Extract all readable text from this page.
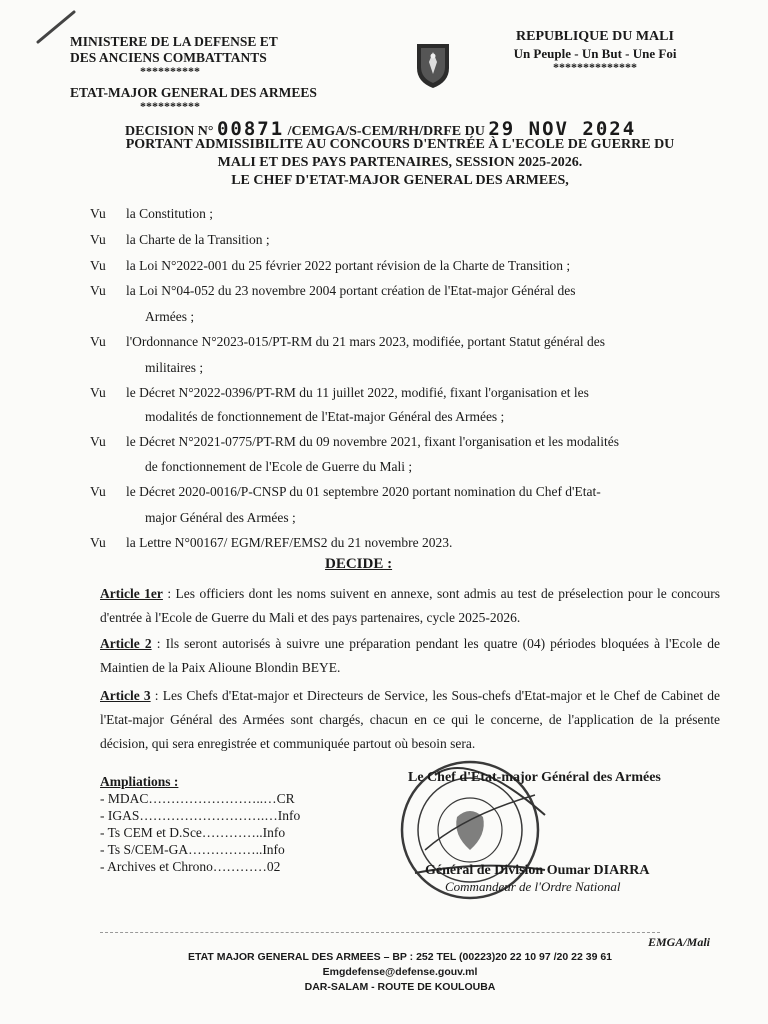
MINISTERE DE LA DEFENSE ET
DES ANCIENS COMBATTANTS
**********
ETAT-MAJOR GENERAL DES ARMEES
**********
REPUBLIQUE DU MALI
Un Peuple - Un But - Une Foi
**************
DECISION N° 00871 /CEMGA/S-CEM/RH/DRFE DU 29 NOV 2024
PORTANT ADMISSIBILITE AU CONCOURS D'ENTRÉE À L'ECOLE DE GUERRE DU
MALI ET DES PAYS PARTENAIRES, SESSION 2025-2026.
LE CHEF D'ETAT-MAJOR GENERAL DES ARMEES,
Vu la Constitution ;
Vu la Charte de la Transition ;
Vu la Loi N°2022-001 du 25 février 2022 portant révision de la Charte de Transition ;
Vu la Loi N°04-052 du 23 novembre 2004 portant création de l'Etat-major Général des
Armées ;
Vu l'Ordonnance N°2023-015/PT-RM du 21 mars 2023, modifiée, portant Statut général des
militaires ;
Vu le Décret N°2022-0396/PT-RM du 11 juillet 2022, modifié, fixant l'organisation et les
modalités de fonctionnement de l'Etat-major Général des Armées ;
Vu le Décret N°2021-0775/PT-RM du 09 novembre 2021, fixant l'organisation et les modalités
de fonctionnement de l'Ecole de Guerre du Mali ;
Vu le Décret 2020-0016/P-CNSP du 01 septembre 2020 portant nomination du Chef d'Etat-
major Général des Armées ;
Vu la Lettre N°00167/ EGM/REF/EMS2 du 21 novembre 2023.
DECIDE :
Article 1er : Les officiers dont les noms suivent en annexe, sont admis au test de préselection pour le concours d'entrée à l'Ecole de Guerre du Mali et des pays partenaires, cycle 2025-2026.
Article 2 : Ils seront autorisés à suivre une préparation pendant les quatre (04) périodes bloquées à l'Ecole de Maintien de la Paix Alioune Blondin BEYE.
Article 3 : Les Chefs d'Etat-major et Directeurs de Service, les Sous-chefs d'Etat-major et le Chef de Cabinet de l'Etat-major Général des Armées sont chargés, chacun en ce qui le concerne, de l'application de la présente décision, qui sera enregistrée et communiquée partout où besoin sera.
Ampliations :
- MDAC……………………..…CR
- IGAS……………………….…Info
- Ts CEM et D.Sce…………..Info
- Ts S/CEM-GA……………..Info
- Archives et Chrono…………02
Le Chef d'Etat-major Général des Armées
Général de Division Oumar DIARRA
Commandeur de l'Ordre National
EMGA/Mali
ETAT MAJOR GENERAL DES ARMEES – BP : 252 TEL (00223)20 22 10 97 /20 22 39 61
Emgdefense@defense.gouv.ml
DAR-SALAM - ROUTE DE KOULOUBA
